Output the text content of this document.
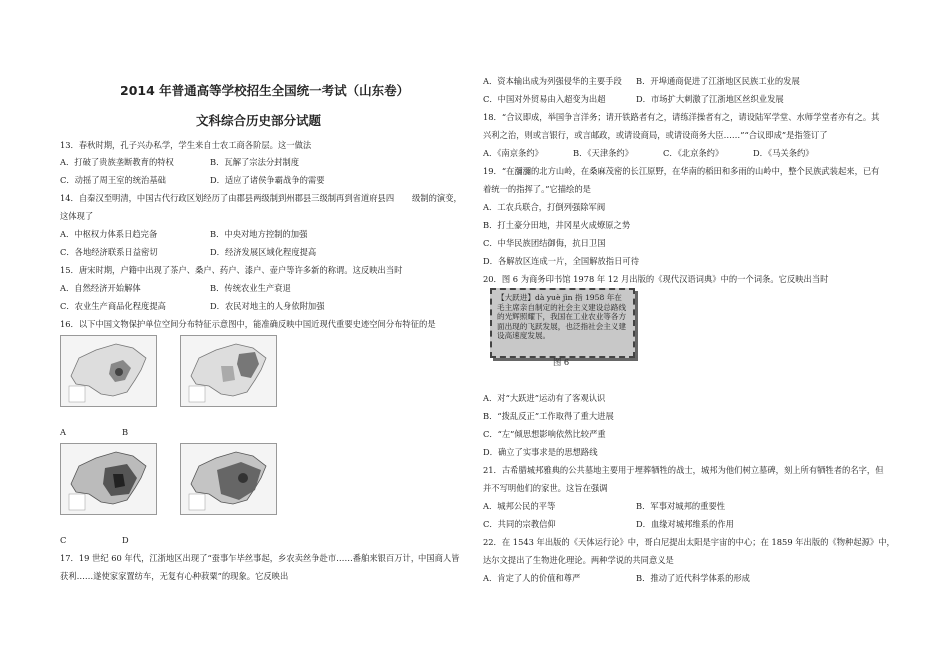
2014 年普通高等学校招生全国统一考试（山东卷）
文科综合历史部分试题
13．春秋时期，孔子兴办私学，学生来自士农工商各阶层。这一做法
A．打破了贵族垄断教育的特权	B．瓦解了宗法分封制度
C．动摇了周王室的统治基础	D．适应了诸侯争霸战争的需要
14．自秦汉至明清，中国古代行政区划经历了由郡县两级制到州郡县三级制再到省道府县四 级制的演变，
这体现了
A．中枢权力体系日趋完备	B．中央对地方控制的加强
C．各地经济联系日益密切	D．经济发展区域化程度提高
15．唐宋时期，户籍中出现了茶户、桑户、药户、漆户、壶户等许多新的称谓。这反映出当时
A．自然经济开始解体	B．传统农业生产衰退
C．农业生产商品化程度提高	D．农民对地主的人身依附加强
16．以下中国文物保护单位空间分布特征示意图中，能准确反映中国近现代重要史迹空间分布特征的是
A	B
C	D
17．19 世纪 60 年代，江浙地区出现了“蚕事乍毕丝事起，乡农卖丝争赴市……番舶来银百万计，
中国商人皆
获利……遂使家家置纺车，无复有心种菽粟”的现象。它反映出
A．资本输出成为列强侵华的主要手段 B．开埠通商促进了江浙地区民族工业的发展
C．中国对外贸易由入超变为出超	D．市场扩大刺激了江浙地区丝织业发展
18．“合议即成，举国争言洋务；请开铁路者有之，请练洋操者有之，请设陆军学堂、水师学堂者亦有之。其
兴利之治，则或言银行，或言邮政，或请设商局，或请设商务大臣……”“合议即成”是指签订了
A．《南京条约》	B．《天津条约》	C．《北京条约》	D．《马关条约》
19．“在瀰瀰的北方山岭，在桑麻茂密的长江原野，在华南的稻田和多雨的山岭中，整个民族武装起来，已有
着统一的指挥了。”它描绘的是
A．工农兵联合，打倒列强除军阀
B．打土豪分田地，井冈星火成燎原之势
C．中华民族团结御侮，抗日卫国
D．各解放区连成一片，全国解放指日可待
20．图 6 为商务印书馆 1978 年 12 月出版的《现代汉语词典》中的一个词条。它反映出当时
【大跃进】dà yuè jìn 指 1958 年在毛主席亲自制定的社会主义建设总路线的光辉照耀下，我国在工业农业等各方面出现的飞跃发展，也泛指社会主义建设高速度发展。
图 6
A．对“大跃进”运动有了客观认识
B．“拨乱反正”工作取得了重大进展
C．“左”倾思想影响依然比较严重
D．确立了实事求是的思想路线
21．古希腊城邦雅典的公共墓地主要用于埋葬牺牲的战士，城邦为他们树立墓碑，刻上所有牺牲者的名字，但
并不写明他们的家世。这旨在强调
A．城邦公民的平等	B．军事对城邦的重要性
C．共同的宗教信仰	D．血缘对城邦维系的作用
22．在 1543 年出版的《天体运行论》中，哥白尼提出太阳是宇宙的中心；在 1859 年出版的《物种起源》中，
达尔文提出了生物进化理论。两种学说的共同意义是
A．肯定了人的价值和尊严	B．推动了近代科学体系的形成
